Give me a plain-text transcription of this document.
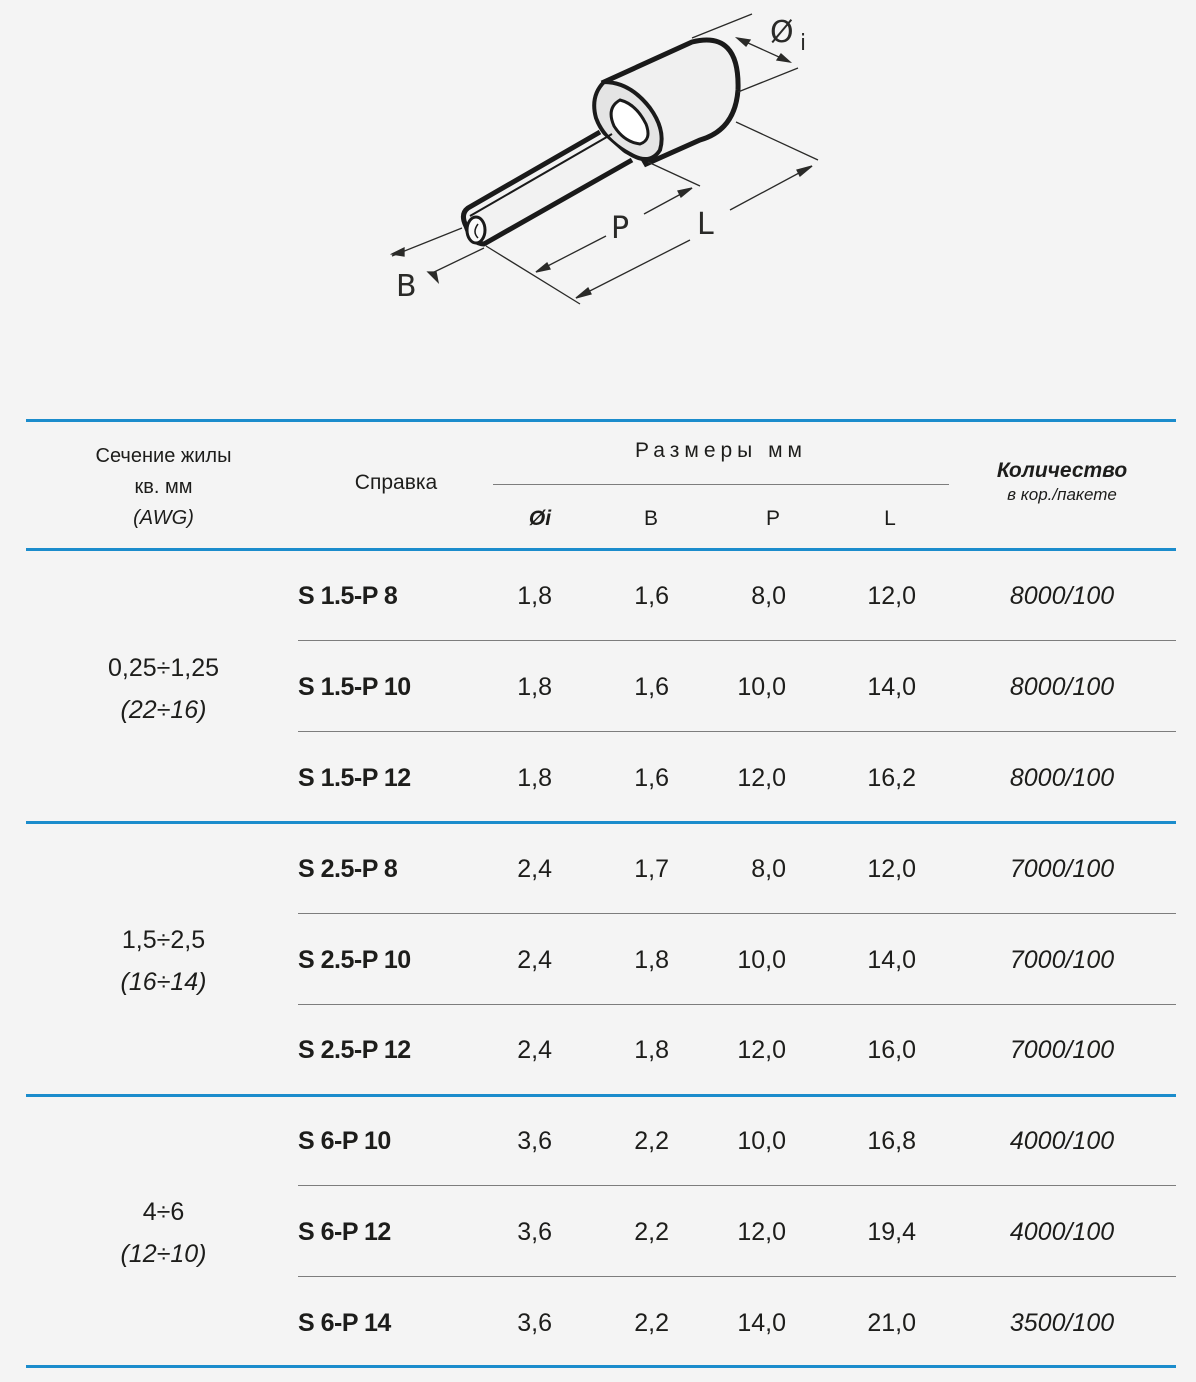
Ø i
P L
B
Сечение жилы
кв. мм
(AWG)
Справка
Размеры мм
Øi	B	P	L
Количество
в кор./пакете
0,25÷1,25
(22÷16)
S 1.5-P 8	1,8	1,6	8,0	12,0	8000/100
S 1.5-P 10	1,8	1,6	10,0	14,0	8000/100
S 1.5-P 12	1,8	1,6	12,0	16,2	8000/100
1,5÷2,5
(16÷14)
S 2.5-P 8	2,4	1,7	8,0	12,0	7000/100
S 2.5-P 10	2,4	1,8	10,0	14,0	7000/100
S 2.5-P 12	2,4	1,8	12,0	16,0	7000/100
4÷6
(12÷10)
S 6-P 10	3,6	2,2	10,0	16,8	4000/100
S 6-P 12	3,6	2,2	12,0	19,4	4000/100
S 6-P 14	3,6	2,2	14,0	21,0	3500/100
